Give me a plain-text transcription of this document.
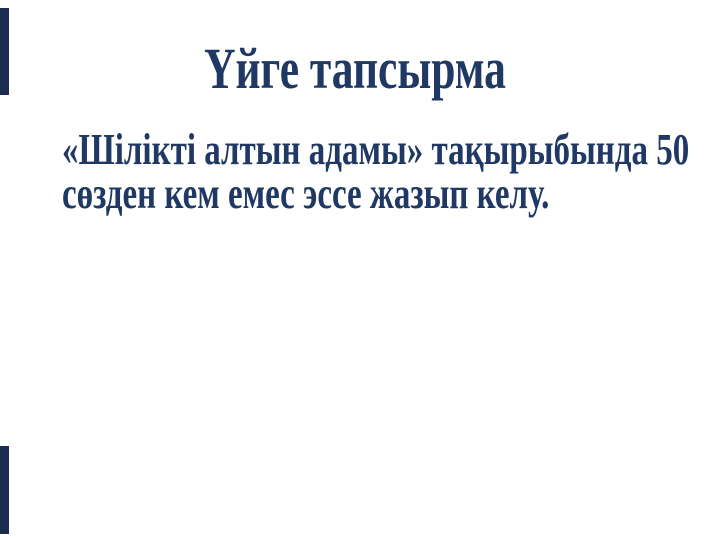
Үйге тапсырма
«Шілікті алтын адамы» тақырыбында 50
сөзден кем емес эссе жазып келу.
